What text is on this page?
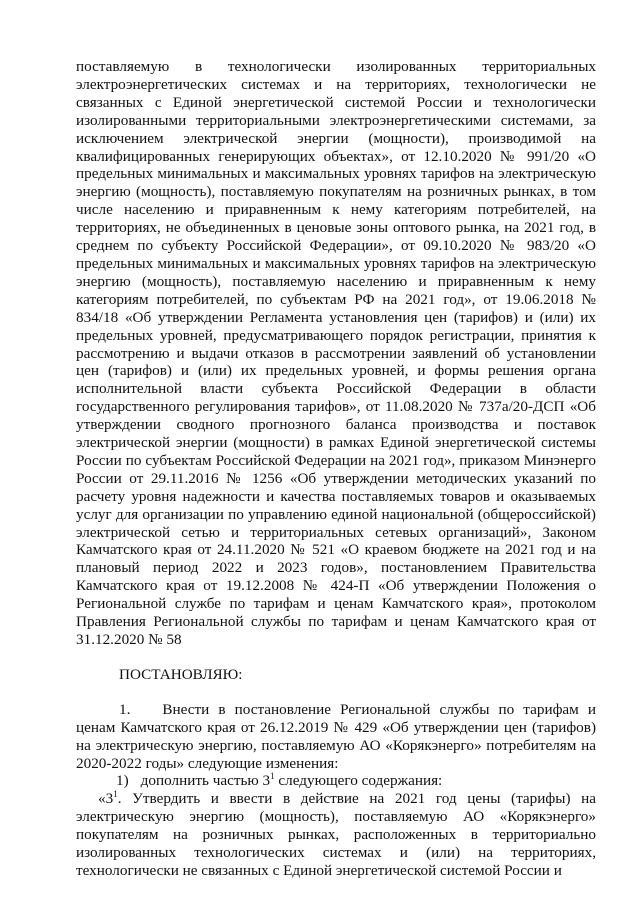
поставляемую в технологически изолированных территориальных электроэнергетических системах и на территориях, технологически не связанных с Единой энергетической системой России и технологически изолированными территориальными электроэнергетическими системами, за исключением электрической энергии (мощности), производимой на квалифицированных генерирующих объектах», от 12.10.2020 № 991/20 «О предельных минимальных и максимальных уровнях тарифов на электрическую энергию (мощность), поставляемую покупателям на розничных рынках, в том числе населению и приравненным к нему категориям потребителей, на территориях, не объединенных в ценовые зоны оптового рынка, на 2021 год, в среднем по субъекту Российской Федерации», от 09.10.2020 № 983/20 «О предельных минимальных и максимальных уровнях тарифов на электрическую энергию (мощность), поставляемую населению и приравненным к нему категориям потребителей, по субъектам РФ на 2021 год», от 19.06.2018 № 834/18 «Об утверждении Регламента установления цен (тарифов) и (или) их предельных уровней, предусматривающего порядок регистрации, принятия к рассмотрению и выдачи отказов в рассмотрении заявлений об установлении цен (тарифов) и (или) их предельных уровней, и формы решения органа исполнительной власти субъекта Российской Федерации в области государственного регулирования тарифов», от 11.08.2020 № 737а/20-ДСП «Об утверждении сводного прогнозного баланса производства и поставок электрической энергии (мощности) в рамках Единой энергетической системы России по субъектам Российской Федерации на 2021 год», приказом Минэнерго России от 29.11.2016 № 1256 «Об утверждении методических указаний по расчету уровня надежности и качества поставляемых товаров и оказываемых услуг для организации по управлению единой национальной (общероссийской) электрической сетью и территориальных сетевых организаций», Законом Камчатского края от 24.11.2020 № 521 «О краевом бюджете на 2021 год и на плановый период 2022 и 2023 годов», постановлением Правительства Камчатского края от 19.12.2008 № 424-П «Об утверждении Положения о Региональной службе по тарифам и ценам Камчатского края», протоколом Правления Региональной службы по тарифам и ценам Камчатского края от 31.12.2020 № 58

ПОСТАНОВЛЯЮ:

1. Внести в постановление Региональной службы по тарифам и ценам Камчатского края от 26.12.2019 № 429 «Об утверждении цен (тарифов) на электрическую энергию, поставляемую АО «Корякэнерго» потребителям на 2020-2022 годы» следующие изменения:

1) дополнить частью $3^1$ следующего содержания:

«$3^1$. Утвердить и ввести в действие на 2021 год цены (тарифы) на электрическую энергию (мощность), поставляемую АО «Корякэнерго» покупателям на розничных рынках, расположенных в территориально изолированных технологических системах и (или) на территориях, технологически не связанных с Единой энергетической системой России и
